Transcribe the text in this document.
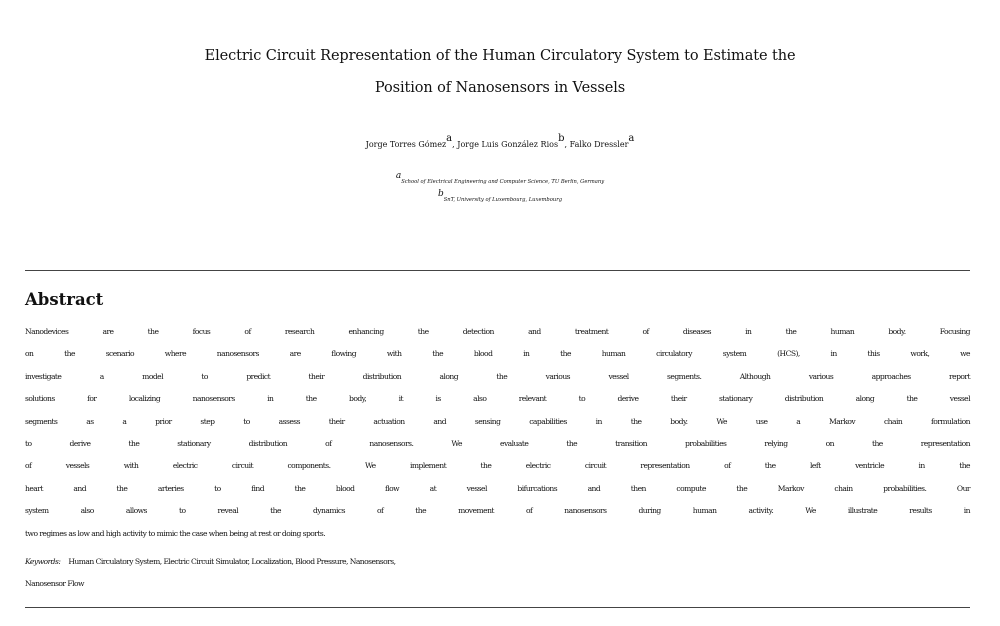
Electric Circuit Representation of the Human Circulatory System to Estimate the
Position of Nanosensors in Vessels
Jorge Torres Gómez$^a$, Jorge Luis González Rios$^b$, Falko Dressler$^a$
$^a$School of Electrical Engineering and Computer Science, TU Berlin, Germany
$^b$SnT, University of Luxembourg, Luxembourg
Abstract
Nanodevices are the focus of research enhancing the detection and treatment of diseases in the human body. Focusing
on the scenario where nanosensors are flowing with the blood in the human circulatory system (HCS), in this work, we
investigate a model to predict their distribution along the various vessel segments. Although various approaches report
solutions for localizing nanosensors in the body, it is also relevant to derive their stationary distribution along the vessel
segments as a prior step to assess their actuation and sensing capabilities in the body. We use a Markov chain formulation
to derive the stationary distribution of nanosensors. We evaluate the transition probabilities relying on the representation
of vessels with electric circuit components. We implement the electric circuit representation of the left ventricle in the
heart and the arteries to find the blood flow at vessel bifurcations and then compute the Markov chain probabilities. Our
system also allows to reveal the dynamics of the movement of nanosensors during human activity. We illustrate results in
two regimes as low and high activity to mimic the case when being at rest or doing sports.
Keywords: Human Circulatory System, Electric Circuit Simulator, Localization, Blood Pressure, Nanosensors,
Nanosensor Flow
